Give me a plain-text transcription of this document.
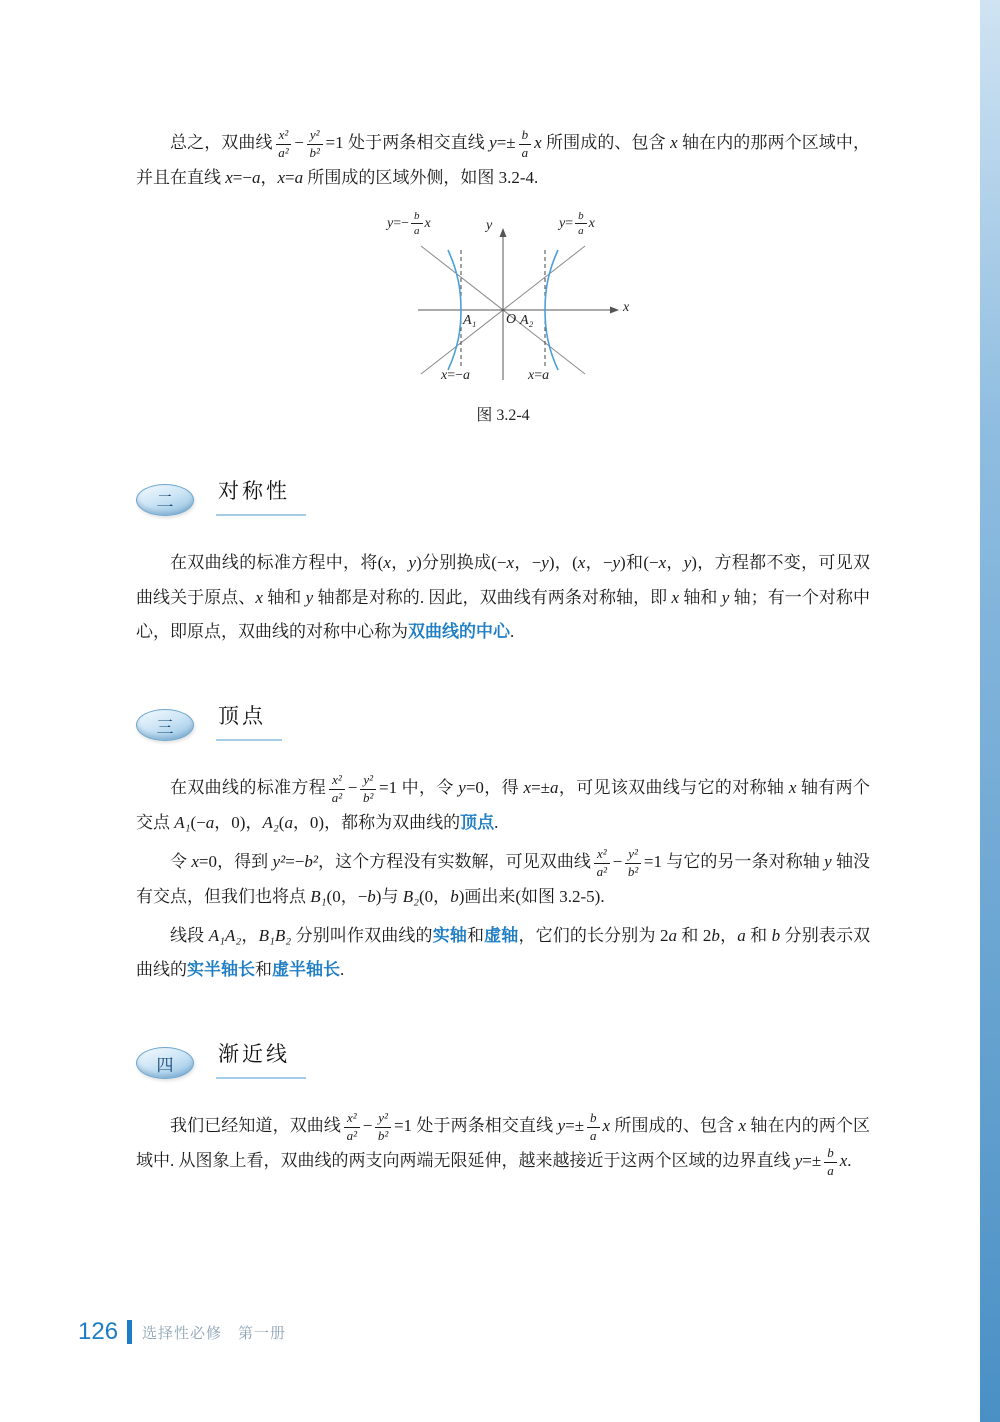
总之，双曲线 $\frac{\text{x²}}{\text{a²}} - \frac{\text{y²}}{\text{b²}} =1$ 处于两条相交直线 $y=\pm \frac{b}{a}$ x 所围成的、包含 x 轴在内的那两个区域中，并且在直线 x=−a，x=a 所围成的区域外侧，如图 3.2-4.

$y =- \frac{b}{a}$ x	$y = \frac{b}{a}$ x
y
x
O
A₁	A₂
x =− a	x = a
图 3.2-4
二	对称性

在双曲线的标准方程中，将(x，y)分别换成(−x，−y)，(x，−y)和(−x，y)，方程都不变，可见双曲线关于原点、x 轴和 y 轴都是对称的. 因此，双曲线有两条对称轴，即 x 轴和 y 轴；有一个对称中心，即原点，双曲线的对称中心称为双曲线的中心.

三	顶点

在双曲线的标准方程 $\frac{\text{x²}}{\text{a²}} - \frac{\text{y²}}{\text{b²}} =1$ 中，令 y=0，得 x=±a，可见该双曲线与它的对称轴 x 轴有两个交点 A₁(−a，0)，A₂(a，0)，都称为双曲线的顶点.

令 x=0，得到 y²=−b²，这个方程没有实数解，可见双曲线 $\frac{\text{x²}}{\text{a²}} - \frac{\text{y²}}{\text{b²}} =1$ 与它的另一条对称轴 y 轴没有交点，但我们也将点 B₁(0，−b)与 B₂(0，b)画出来(如图 3.2-5).

线段 A₁A₂，B₁B₂ 分别叫作双曲线的实轴和虚轴，它们的长分别为 2a 和 2b，a 和 b 分别表示双曲线的实半轴长和虚半轴长.

四	渐近线

我们已经知道，双曲线 $\frac{\text{x²}}{\text{a²}} - \frac{\text{y²}}{\text{b²}} =1$ 处于两条相交直线 $y=\pm \frac{b}{a}$ x 所围成的、包含 x 轴在内的两个区域中. 从图象上看，双曲线的两支向两端无限延伸，越来越接近于这两个区域的边界直线 $y=\pm \frac{b}{a} x$.

126 选择性必修　第一册
